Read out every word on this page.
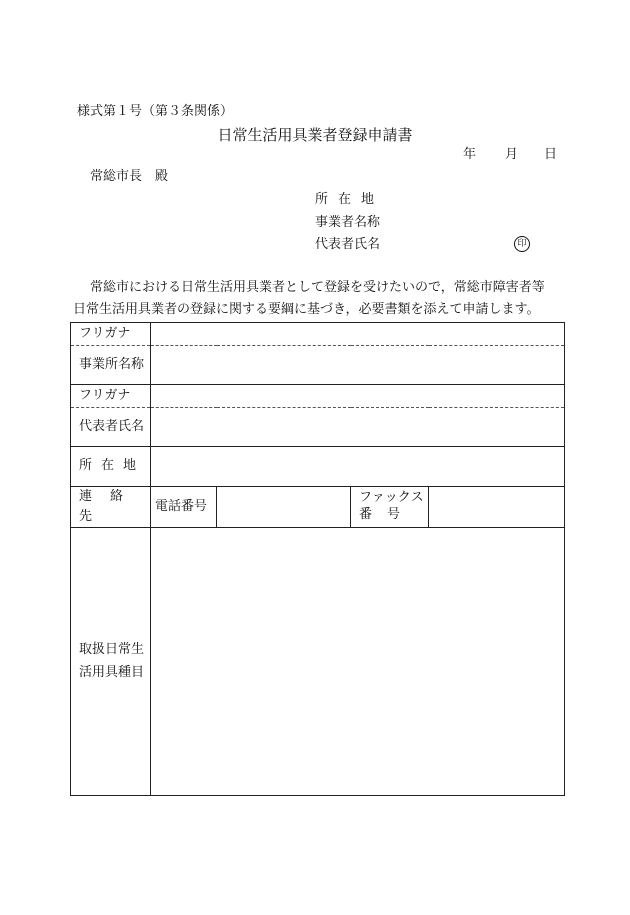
様式第１号（第３条関係）
日常生活用具業者登録申請書
年 月 日
常総市長　殿
所在地
事業者名称
代表者氏名	印
常総市における日常生活用具業者として登録を受けたいので，常総市障害者等
日常生活用具業者の登録に関する要綱に基づき，必要書類を添えて申請します。
フリガナ				
事業所名称				
フリガナ				
代表者氏名				
所在地				
連絡先	電話番号		ファックス
番号	

取扱日常生
活用具種目				
